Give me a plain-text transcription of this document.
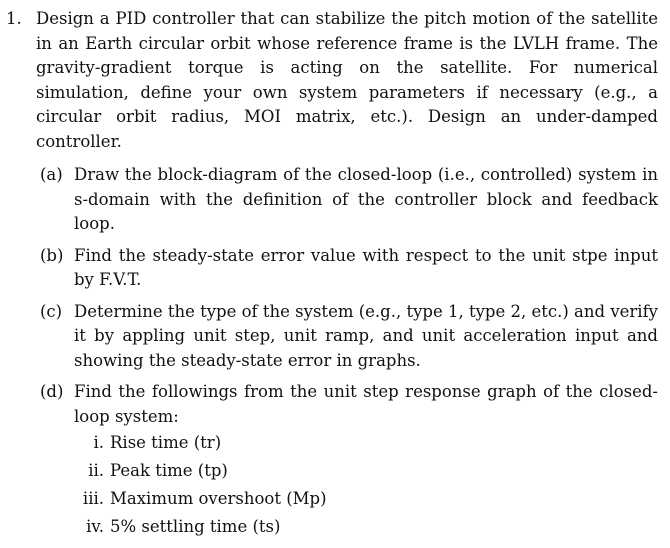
1. Design a PID controller that can stabilize the pitch motion of the satellite in an Earth circular orbit whose reference frame is the LVLH frame. The gravity-gradient torque is acting on the satellite. For numerical simulation, define your own system parameters if necessary (e.g., a circular orbit radius, MOI matrix, etc.). Design an under-damped controller.

(a) Draw the block-diagram of the closed-loop (i.e., controlled) system in s-domain with the definition of the controller block and feedback loop.
(b) Find the steady-state error value with respect to the unit stpe input by F.V.T.
(c) Determine the type of the system (e.g., type 1, type 2, etc.) and verify it by appling unit step, unit ramp, and unit acceleration input and showing the steady-state error in graphs.
(d) Find the followings from the unit step response graph of the closed-loop system:
i. Rise time (tr)
ii. Peak time (tp)
iii. Maximum overshoot (Mp)
iv. 5% settling time (ts)
